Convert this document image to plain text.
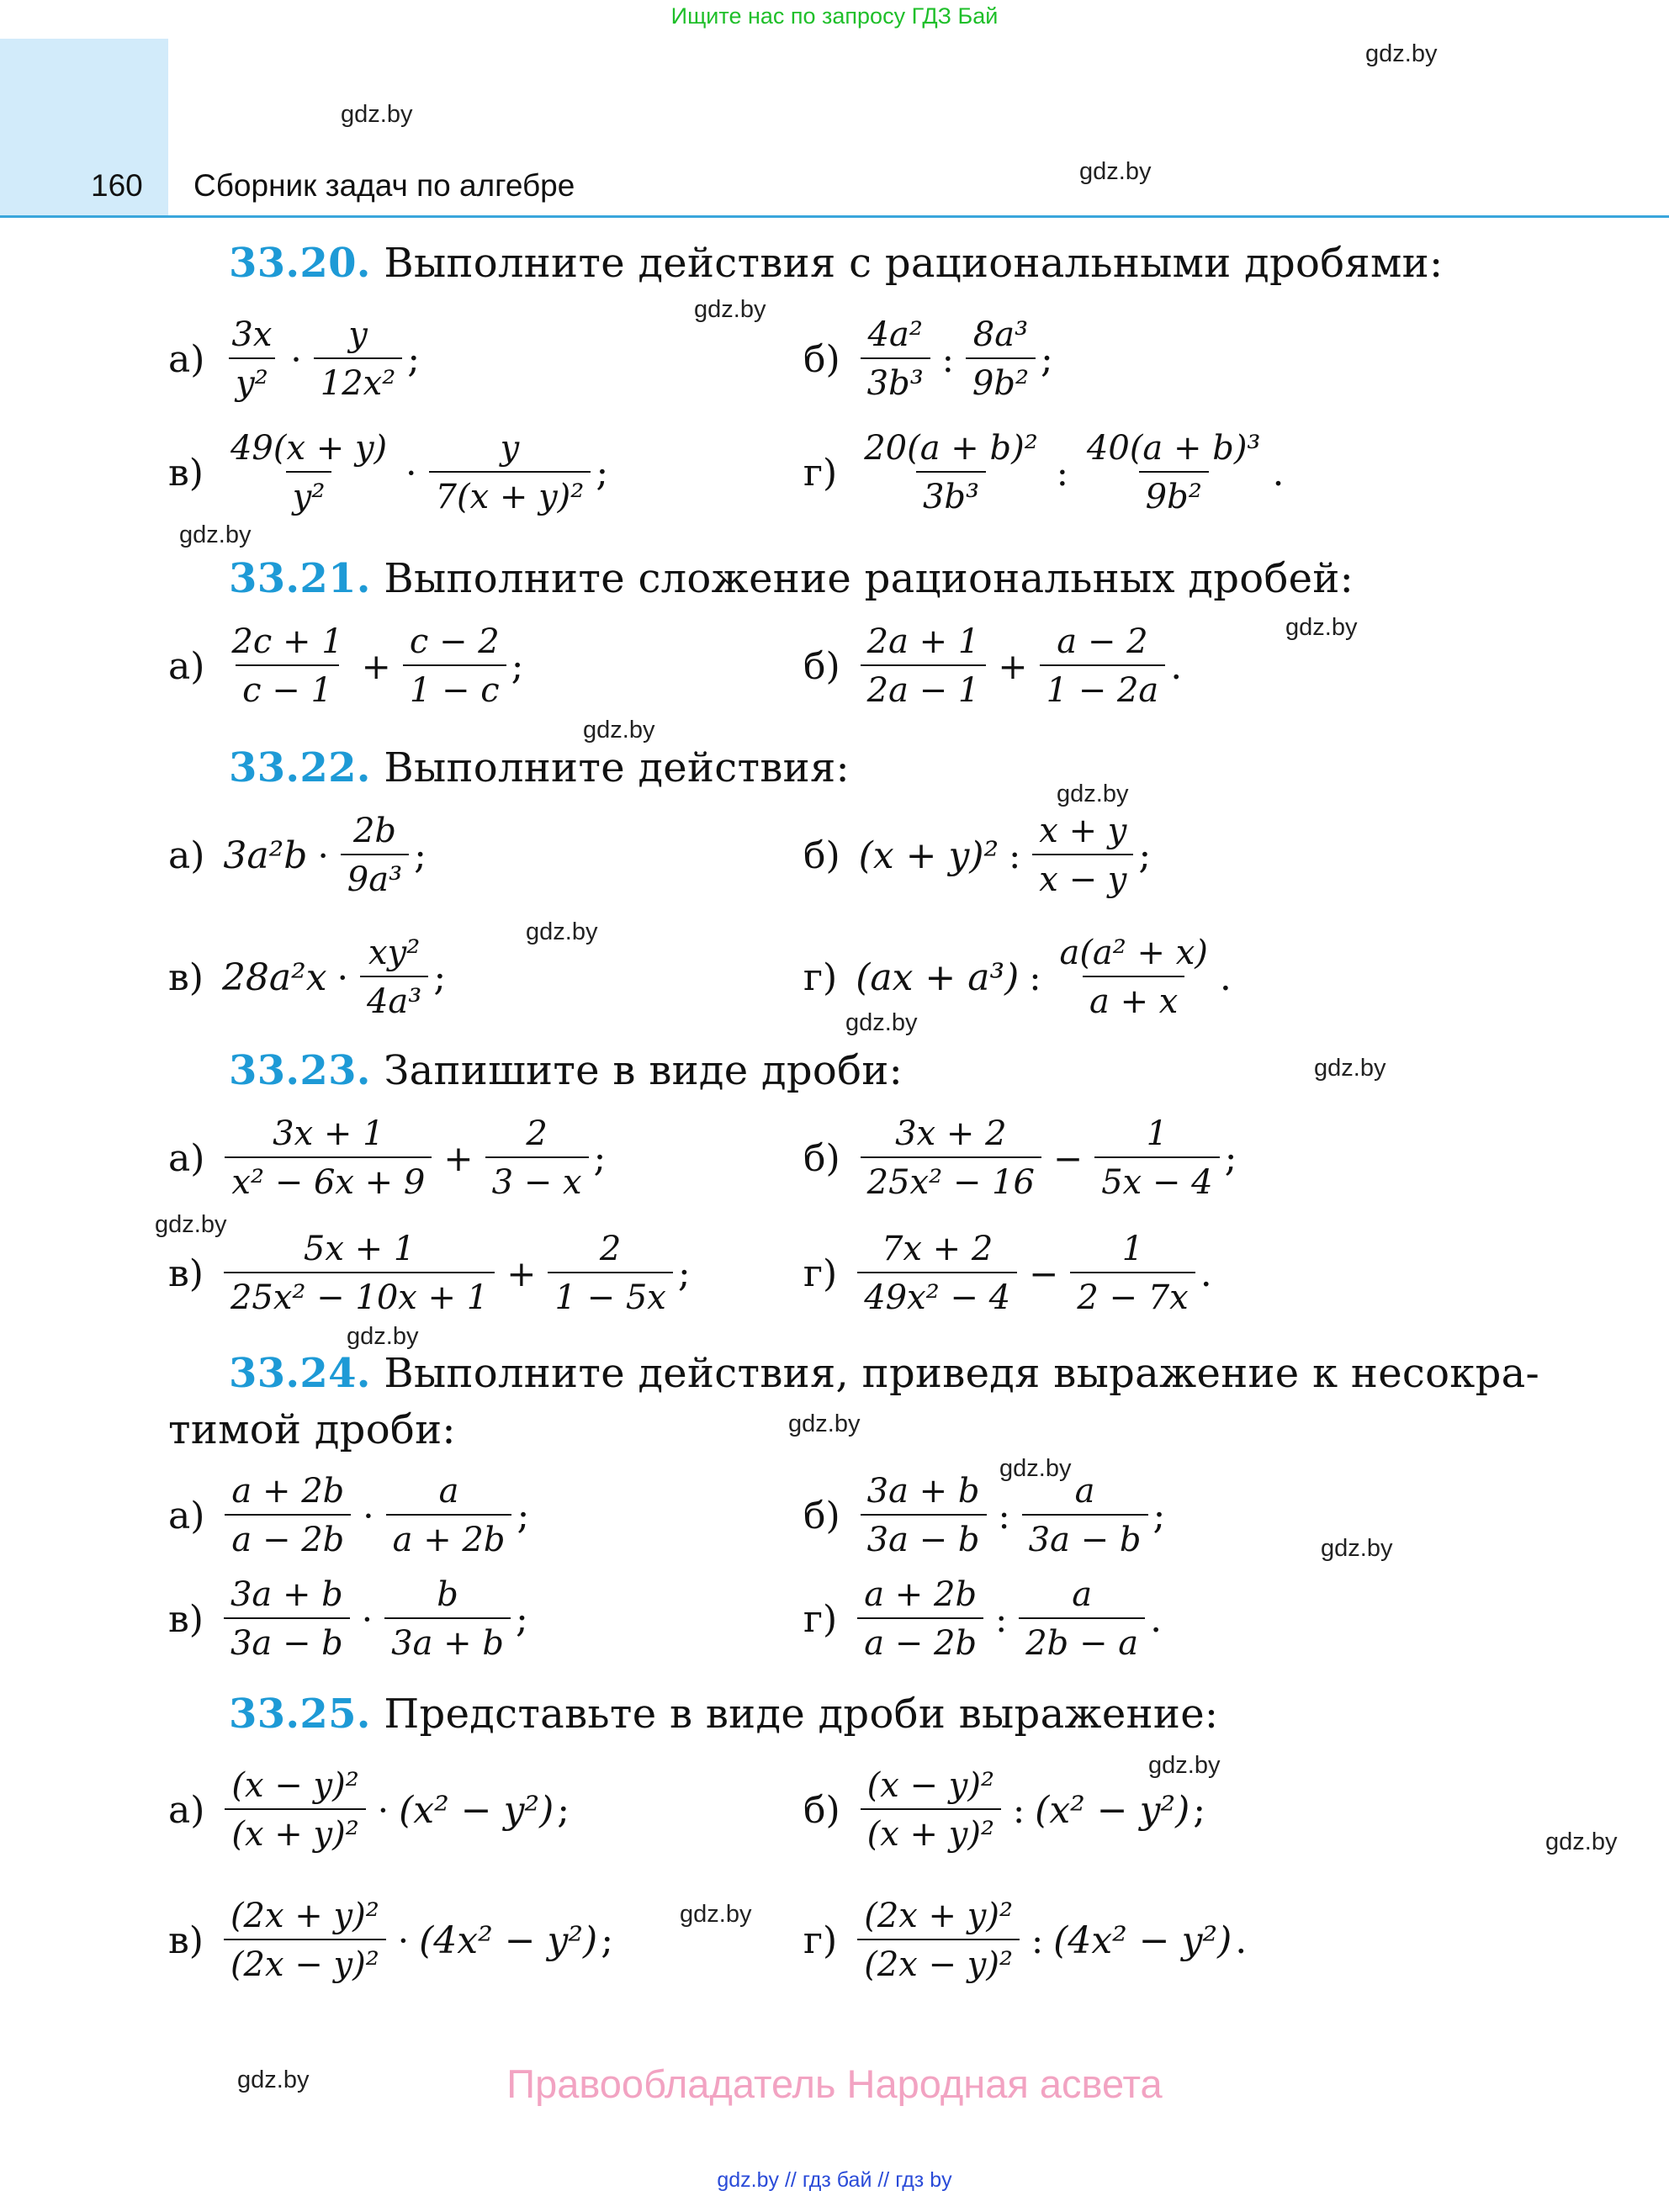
Ищите нас по запросу ГДЗ Бай
160 Сборник задач по алгебре
gdz.by
gdz.by
gdz.by
gdz.by
gdz.by
gdz.by
gdz.by
gdz.by
gdz.by
gdz.by
gdz.by
gdz.by
gdz.by
gdz.by
gdz.by
gdz.by
gdz.by
gdz.by
gdz.by
gdz.by
33.20. Выполните действия с рациональными дробями:
$а) \frac{3x}{\text{y²}} \cdot \frac{y}{\text{12x²}}$ ;	$б) \frac{\text{4a²}}{\text{3b³}}$ : $\frac{\text{8a³}}{\text{9b²}}$ ;
$в) \frac{49(x + y)}{\text{y²}} \cdot \frac{y}{\text{7(x + y)²}}$ ;	$г) \frac{\text{20(a + b)²}}{\text{3b³}}$ : $\frac{\text{40(a + b)³}}{\text{9b²}}$ .
33.21. Выполните сложение рациональных дробей:
$а) \frac{2c + 1}{c - 1} + \frac{c - 2}{1 - c}$ ;	$б) \frac{2a + 1}{2a - 1} + \frac{a - 2}{1 - 2a}$ .
33.22. Выполните действия:
а) $3a^2b \cdot \frac{2b}{\text{9a³}}$ ;	б) (x + y)² : $\frac{x + y}{x - y}$ ;
в) $28a^2x \cdot \frac{\text{xy²}}{\text{4a³}}$ ;	г) (ax + a³) : $\frac{\text{a(a² + x)}}{a + x}$ .
33.23. Запишите в виде дроби:
$а) \frac{3x + 1}{\text{x² − 6x + 9}} + \frac{2}{3 - x}$ ;	$б) \frac{3x + 2}{\text{25x² − 16}} - \frac{1}{5x - 4}$ ;
$в) \frac{5x + 1}{\text{25x² − 10x + 1}} + \frac{2}{1 - 5x}$ ;	$г) \frac{7x + 2}{\text{49x² − 4}} - \frac{1}{2 - 7x}$ .
33.24. Выполните действия, приведя выражение к несокра-
тимой дроби:
$а) \frac{a + 2b}{a - 2b} \cdot \frac{a}{a + 2b}$ ;	$б) \frac{3a + b}{3a - b}$ : $\frac{a}{3a - b}$ ;
$в) \frac{3a + b}{3a - b} \cdot \frac{b}{3a + b}$ ;	$г) \frac{a + 2b}{a - 2b}$ : $\frac{a}{2b - a}$ .
33.25. Представьте в виде дроби выражение:
$а) \frac{\text{(x − y)²}}{\text{(x + y)²}} \cdot (x^2 - y^2)$ ;	$б) \frac{\text{(x − y)²}}{\text{(x + y)²}}$ : (x² − y²) ;
$в) \frac{\text{(2x + y)²}}{\text{(2x − y)²}} \cdot (4x^2 - y^2)$ ;	$г) \frac{\text{(2x + y)²}}{\text{(2x − y)²}}$ : (4x² − y²) .
Правообладатель Народная асвета
gdz.by // гдз бай // гдз by
